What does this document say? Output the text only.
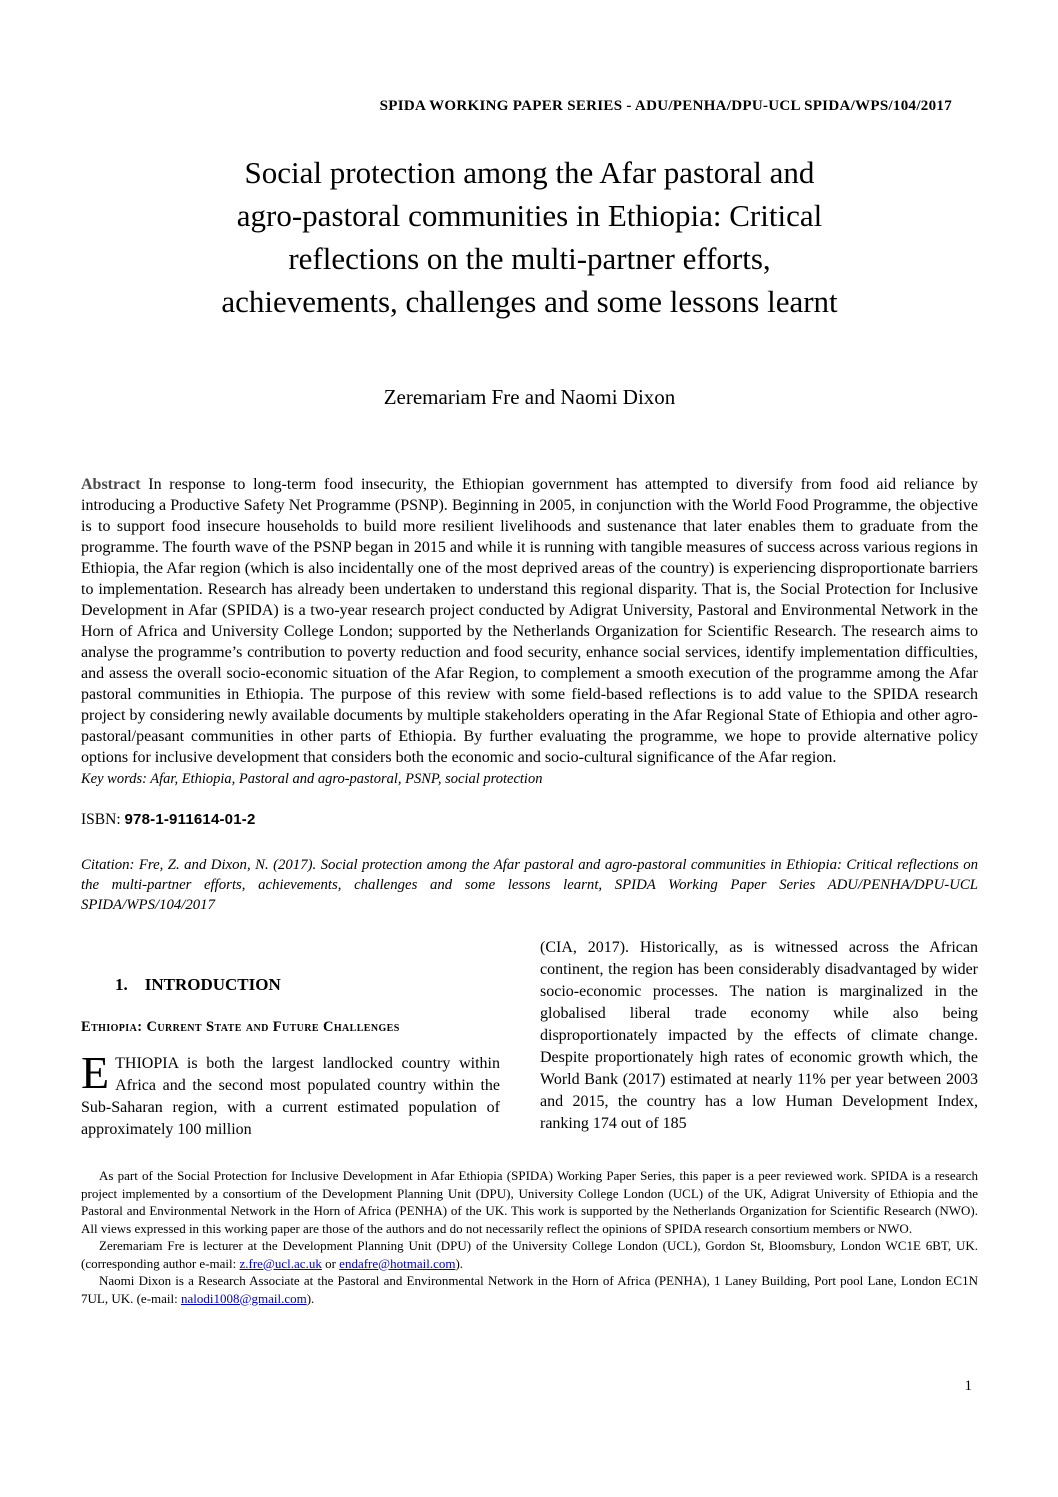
SPIDA WORKING PAPER SERIES - ADU/PENHA/DPU-UCL SPIDA/WPS/104/2017
Social protection among the Afar pastoral and
agro-pastoral communities in Ethiopia: Critical
reflections on the multi-partner efforts,
achievements, challenges and some lessons learnt
Zeremariam Fre and Naomi Dixon
Abstract In response to long-term food insecurity, the Ethiopian government has attempted to diversify from food aid reliance by introducing a Productive Safety Net Programme (PSNP). Beginning in 2005, in conjunction with the World Food Programme, the objective is to support food insecure households to build more resilient livelihoods and sustenance that later enables them to graduate from the programme. The fourth wave of the PSNP began in 2015 and while it is running with tangible measures of success across various regions in Ethiopia, the Afar region (which is also incidentally one of the most deprived areas of the country) is experiencing disproportionate barriers to implementation. Research has already been undertaken to understand this regional disparity. That is, the Social Protection for Inclusive Development in Afar (SPIDA) is a two-year research project conducted by Adigrat University, Pastoral and Environmental Network in the Horn of Africa and University College London; supported by the Netherlands Organization for Scientific Research. The research aims to analyse the programme’s contribution to poverty reduction and food security, enhance social services, identify implementation difficulties, and assess the overall socio-economic situation of the Afar Region, to complement a smooth execution of the programme among the Afar pastoral communities in Ethiopia. The purpose of this review with some field-based reflections is to add value to the SPIDA research project by considering newly available documents by multiple stakeholders operating in the Afar Regional State of Ethiopia and other agro-pastoral/peasant communities in other parts of Ethiopia. By further evaluating the programme, we hope to provide alternative policy options for inclusive development that considers both the economic and socio-cultural significance of the Afar region.
Key words: Afar, Ethiopia, Pastoral and agro-pastoral, PSNP, social protection
ISBN: 978-1-911614-01-2
Citation: Fre, Z. and Dixon, N. (2017). Social protection among the Afar pastoral and agro-pastoral communities in Ethiopia: Critical reflections on the multi-partner efforts, achievements, challenges and some lessons learnt, SPIDA Working Paper Series ADU/PENHA/DPU-UCL SPIDA/WPS/104/2017
1. INTRODUCTION
Ethiopia: Current State and Future Challenges
ETHIOPIA is both the largest landlocked country within Africa and the second most populated country within the Sub-Saharan region, with a current estimated population of approximately 100 million
(CIA, 2017). Historically, as is witnessed across the African continent, the region has been considerably disadvantaged by wider socio-economic processes. The nation is marginalized in the globalised liberal trade economy while also being disproportionately impacted by the effects of climate change. Despite proportionately high rates of economic growth which, the World Bank (2017) estimated at nearly 11% per year between 2003 and 2015, the country has a low Human Development Index, ranking 174 out of 185

As part of the Social Protection for Inclusive Development in Afar Ethiopia (SPIDA) Working Paper Series, this paper is a peer reviewed work. SPIDA is a research project implemented by a consortium of the Development Planning Unit (DPU), University College London (UCL) of the UK, Adigrat University of Ethiopia and the Pastoral and Environmental Network in the Horn of Africa (PENHA) of the UK. This work is supported by the Netherlands Organization for Scientific Research (NWO). All views expressed in this working paper are those of the authors and do not necessarily reflect the opinions of SPIDA research consortium members or NWO.

Zeremariam Fre is lecturer at the Development Planning Unit (DPU) of the University College London (UCL), Gordon St, Bloomsbury, London WC1E 6BT, UK. (corresponding author e-mail: z.fre@ucl.ac.uk or endafre@hotmail.com).

Naomi Dixon is a Research Associate at the Pastoral and Environmental Network in the Horn of Africa (PENHA), 1 Laney Building, Port pool Lane, London EC1N 7UL, UK. (e-mail: nalodi1008@gmail.com).

1
